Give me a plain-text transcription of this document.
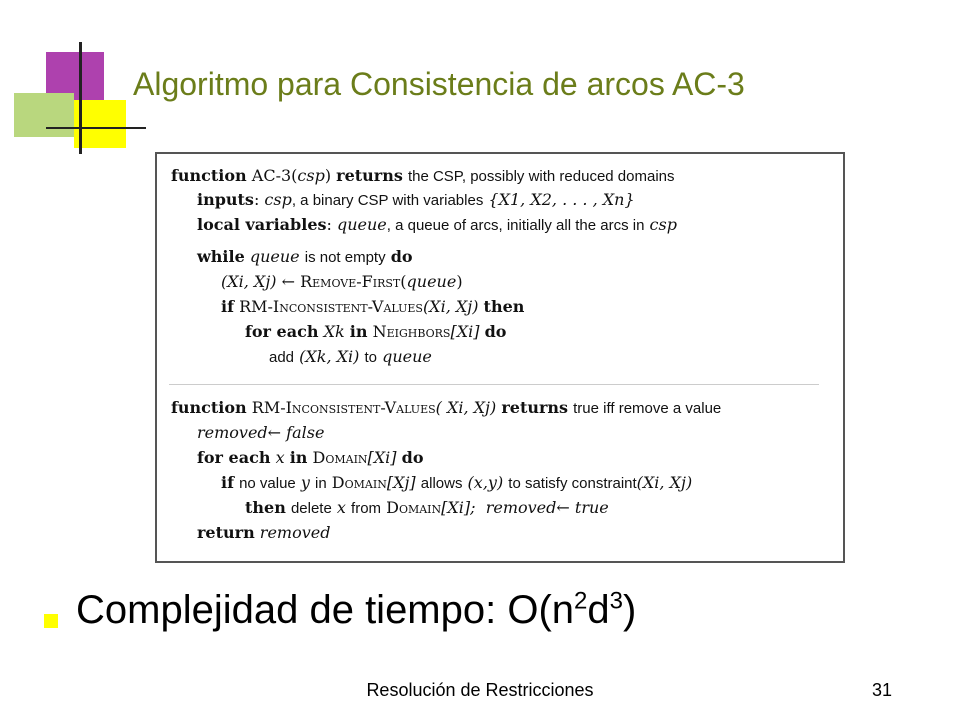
Algoritmo para Consistencia de arcos AC-3
function AC-3(csp) returns the CSP, possibly with reduced domains
inputs: csp, a binary CSP with variables {X1, X2, . . . , Xn}
local variables: queue, a queue of arcs, initially all the arcs in csp
while queue is not empty do
(Xi, Xj) ← Remove-First(queue)
if RM-Inconsistent-Values(Xi, Xj) then
for each Xk in Neighbors[Xi] do
add (Xk, Xi) to queue
function RM-Inconsistent-Values( Xi, Xj) returns true iff remove a value
removed← false
for each x in Domain[Xi] do
if no value y in Domain[Xj] allows (x,y) to satisfy constraint(Xi, Xj)
then delete x from Domain[Xi]; removed← true
return removed
Complejidad de tiempo: $O(n^2d^3)$
Resolución de Restricciones	31
